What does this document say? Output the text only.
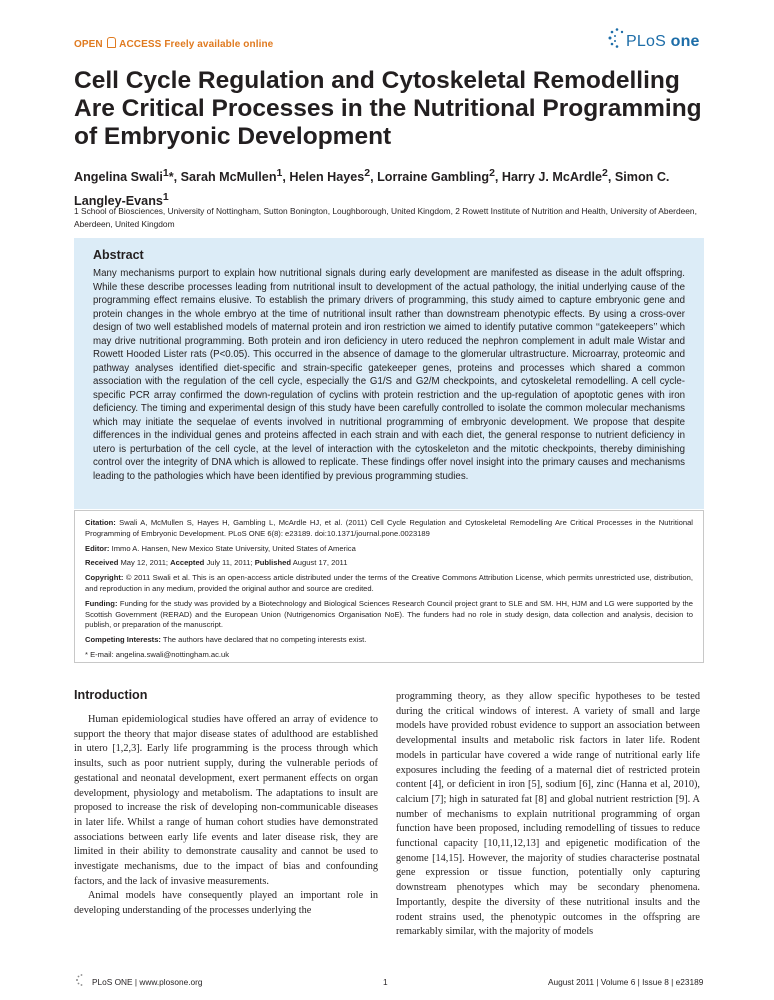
OPEN ACCESS Freely available online	PLoS one
Cell Cycle Regulation and Cytoskeletal Remodelling Are Critical Processes in the Nutritional Programming of Embryonic Development
Angelina Swali$^1$*, Sarah McMullen$^1$, Helen Hayes$^2$, Lorraine Gambling$^2$, Harry J. McArdle$^2$, Simon C. Langley-Evans$^1$
1 School of Biosciences, University of Nottingham, Sutton Bonington, Loughborough, United Kingdom, 2 Rowett Institute of Nutrition and Health, University of Aberdeen, Aberdeen, United Kingdom
Abstract

Many mechanisms purport to explain how nutritional signals during early development are manifested as disease in the adult offspring. While these describe processes leading from nutritional insult to development of the actual pathology, the initial underlying cause of the programming effect remains elusive. To establish the primary drivers of programming, this study aimed to capture embryonic gene and protein changes in the whole embryo at the time of nutritional insult rather than downstream phenotypic effects. By using a cross-over design of two well established models of maternal protein and iron restriction we aimed to identify putative common ‘‘gatekeepers’’ which may drive nutritional programming. Both protein and iron deficiency in utero reduced the nephron complement in adult male Wistar and Rowett Hooded Lister rats (P<0.05). This occurred in the absence of damage to the glomerular ultrastructure. Microarray, proteomic and pathway analyses identified diet-specific and strain-specific gatekeeper genes, proteins and processes which shared a common association with the regulation of the cell cycle, especially the G1/S and G2/M checkpoints, and cytoskeletal remodelling. A cell cycle-specific PCR array confirmed the down-regulation of cyclins with protein restriction and the up-regulation of apoptotic genes with iron deficiency. The timing and experimental design of this study have been carefully controlled to isolate the common molecular mechanisms which may initiate the sequelae of events involved in nutritional programming of embryonic development. We propose that despite differences in the individual genes and proteins affected in each strain and with each diet, the general response to nutrient deficiency in utero is perturbation of the cell cycle, at the level of interaction with the cytoskeleton and the mitotic checkpoints, thereby diminishing control over the integrity of DNA which is allowed to replicate. These findings offer novel insight into the primary causes and mechanisms leading to the pathologies which have been identified by previous programming studies.

Citation: Swali A, McMullen S, Hayes H, Gambling L, McArdle HJ, et al. (2011) Cell Cycle Regulation and Cytoskeletal Remodelling Are Critical Processes in the Nutritional Programming of Embryonic Development. PLoS ONE 6(8): e23189. doi:10.1371/journal.pone.0023189

Editor: Immo A. Hansen, New Mexico State University, United States of America

Received May 12, 2011; Accepted July 11, 2011; Published August 17, 2011

Copyright: © 2011 Swali et al. This is an open-access article distributed under the terms of the Creative Commons Attribution License, which permits unrestricted use, distribution, and reproduction in any medium, provided the original author and source are credited.

Funding: Funding for the study was provided by a Biotechnology and Biological Sciences Research Council project grant to SLE and SM. HH, HJM and LG were supported by the Scottish Government (RERAD) and the European Union (Nutrigenomics Organisation NoE). The funders had no role in study design, data collection and analysis, decision to publish, or preparation of the manuscript.

Competing Interests: The authors have declared that no competing interests exist.

* E-mail: angelina.swali@nottingham.ac.uk

Introduction

Human epidemiological studies have offered an array of evidence to support the theory that major disease states of adulthood are established in utero [1,2,3]. Early life programming is the process through which insults, such as poor nutrient supply, during the vulnerable periods of gestational and neonatal development, exert permanent effects on organ development, physiology and metabolism. The adaptations to insult are proposed to increase the risk of developing non-communicable diseases in later life. Whilst a range of human cohort studies have demonstrated associations between early life events and later disease risk, they are limited in their ability to demonstrate causality and cannot be used to investigate mechanisms, due to the impact of bias and confounding factors, and the lack of invasive measurements.

Animal models have consequently played an important role in developing understanding of the processes underlying the

programming theory, as they allow specific hypotheses to be tested during the critical windows of interest. A variety of small and large models have provided robust evidence to support an association between developmental insults and metabolic risk factors in later life. Rodent models in particular have covered a wide range of nutritional early life exposures including the feeding of a maternal diet of restricted protein content [4], or deficient in iron [5], sodium [6], zinc (Hanna et al, 2010), calcium [7]; high in saturated fat [8] and global nutrient restriction [9]. A number of mechanisms to explain nutritional programming of organ function have been proposed, including remodelling of tissues to reduce functional capacity [10,11,12,13] and epigenetic modification of the genome [14,15]. However, the majority of studies characterise postnatal gene expression or tissue function, potentially only capturing downstream phenotypes which may be secondary phenomena. Importantly, despite the diversity of these nutritional insults and the rodent strains used, the phenotypic outcomes in the offspring are remarkably similar, with the majority of models

PLoS ONE | www.plosone.org	1	August 2011 | Volume 6 | Issue 8 | e23189
